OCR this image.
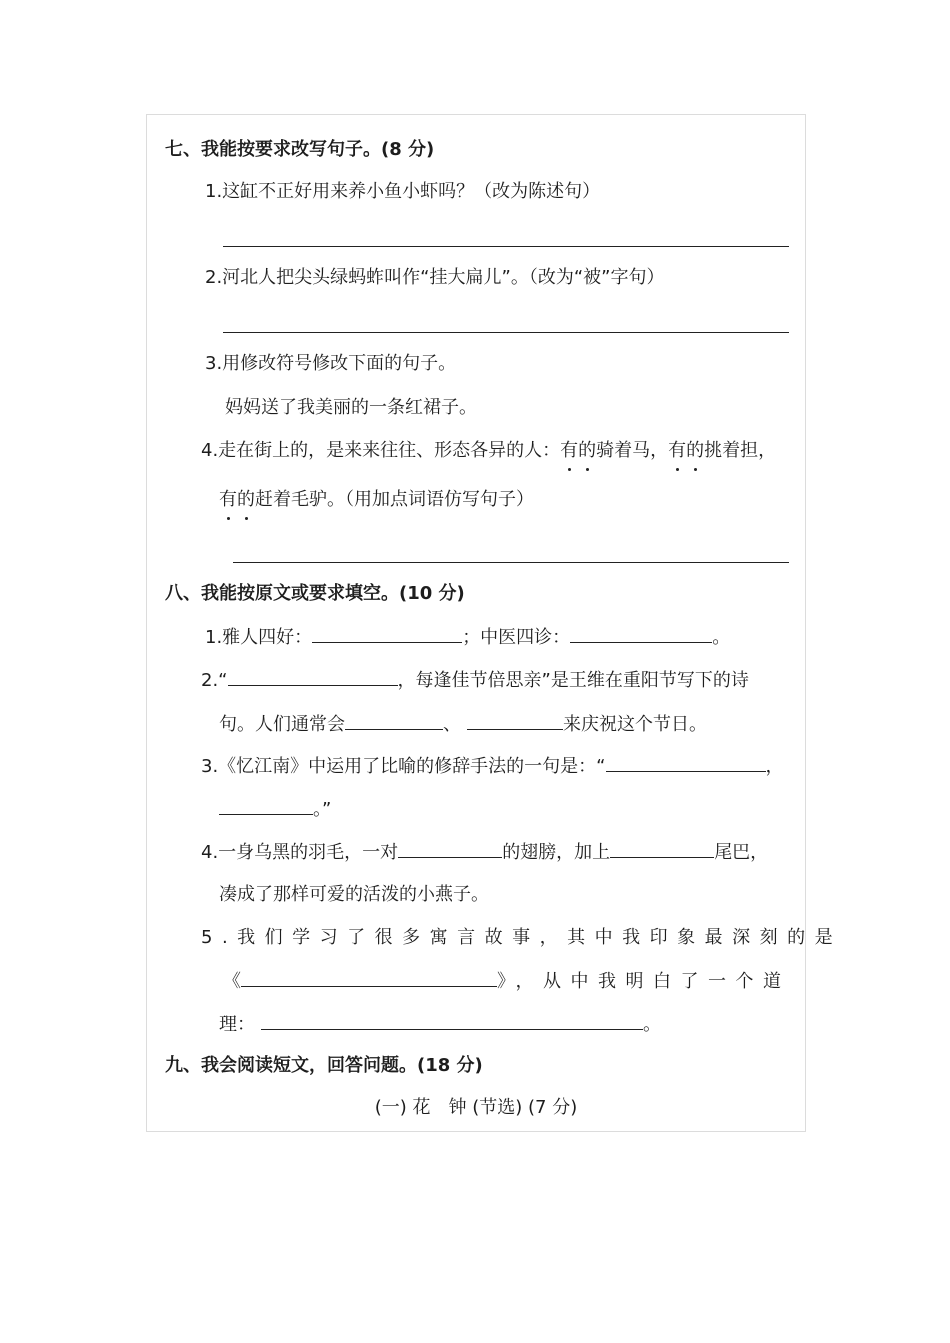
七、我能按要求改写句子。(8 分)
1.这缸不正好用来养小鱼小虾吗？（改为陈述句）
2.河北人把尖头绿蚂蚱叫作“挂大扁儿”。（改为“被”字句）
3.用修改符号修改下面的句子。
妈妈送了我美丽的一条红裙子。
4.走在街上的，是来来往往、形态各异的人：有的骑着马，有的挑着担，
有的赶着毛驴。（用加点词语仿写句子）
八、我能按原文或要求填空。(10 分)
1.雅人四好：	；中医四诊：	。
2.“	，每逢佳节倍思亲”是王维在重阳节写下的诗
句。人们通常会	、	来庆祝这个节日。
3.《忆江南》中运用了比喻的修辞手法的一句是：“	，
。”
4.一身乌黑的羽毛，一对	的翅膀，加上	尾巴，
凑成了那样可爱的活泼的小燕子。
5.我们学习了很多寓言故事，其中我印象最深刻的是
《	》，从中我明白了一个道
理：	。
九、我会阅读短文，回答问题。(18 分)
(一) 花　钟 (节选) (7 分)
